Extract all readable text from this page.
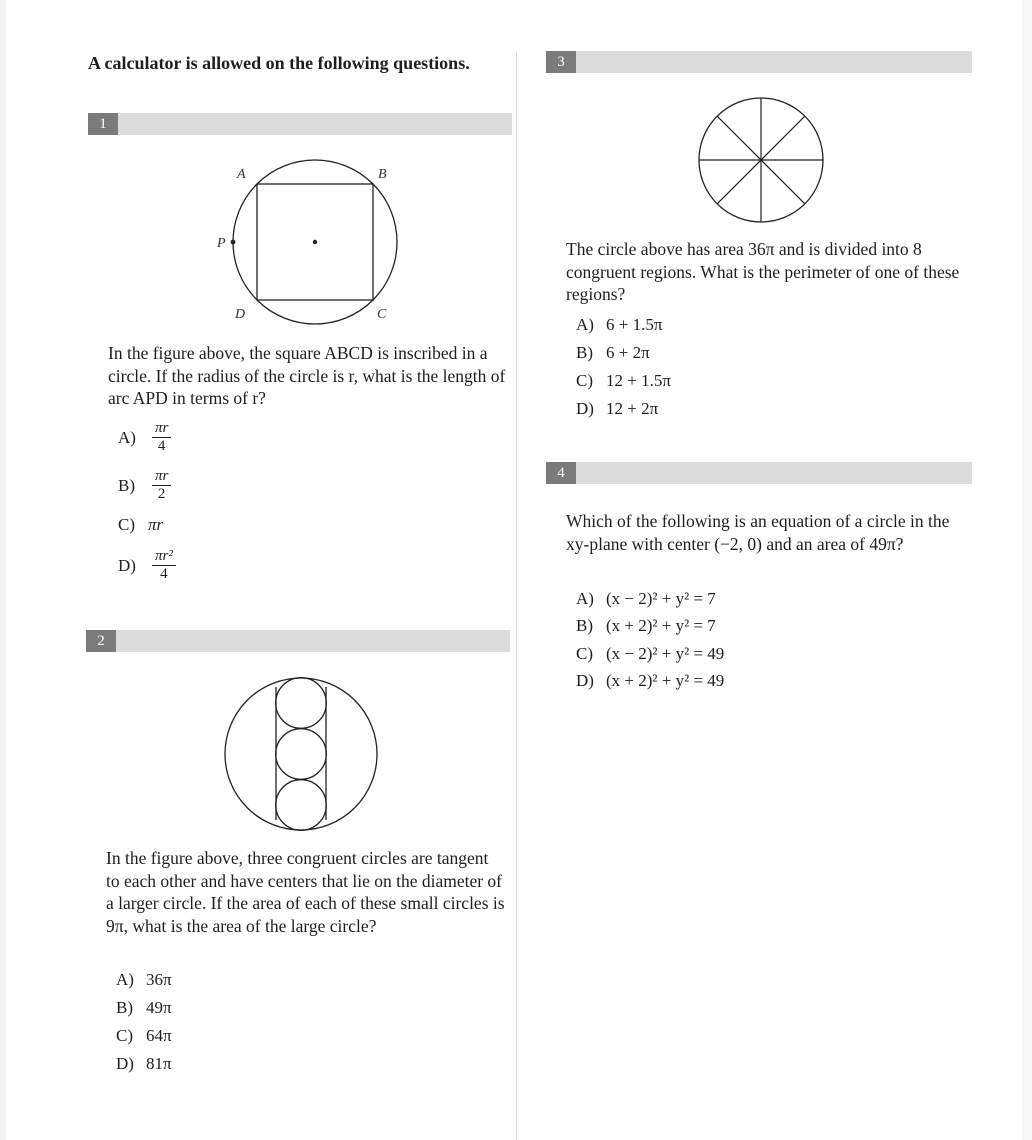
A calculator is allowed on the following questions.
1
A	B
C
D
P
In the figure above, the square ABCD is inscribed in a circle. If the radius of the circle is r, what is the length of arc APD in terms of r?
A)	$\frac{\pi r}{4}$
B)	$\frac{\pi r}{2}$
C) πr
D)	$\frac{\text{πr²}}{4}$
2
In the figure above, three congruent circles are tangent to each other and have centers that lie on the diameter of a larger circle. If the area of each of these small circles is 9π, what is the area of the large circle?
A) 36π
B) 49π
C) 64π
D) 81π
3
The circle above has area 36π and is divided into 8 congruent regions. What is the perimeter of one of these regions?
A) 6 + 1.5π
B) 6 + 2π
C) 12 + 1.5π
D) 12 + 2π
4
Which of the following is an equation of a circle in the xy-plane with center (−2, 0) and an area of 49π?
A) (x − 2)² + y² = 7
B) (x + 2)² + y² = 7
C) (x − 2)² + y² = 49
D) (x + 2)² + y² = 49
